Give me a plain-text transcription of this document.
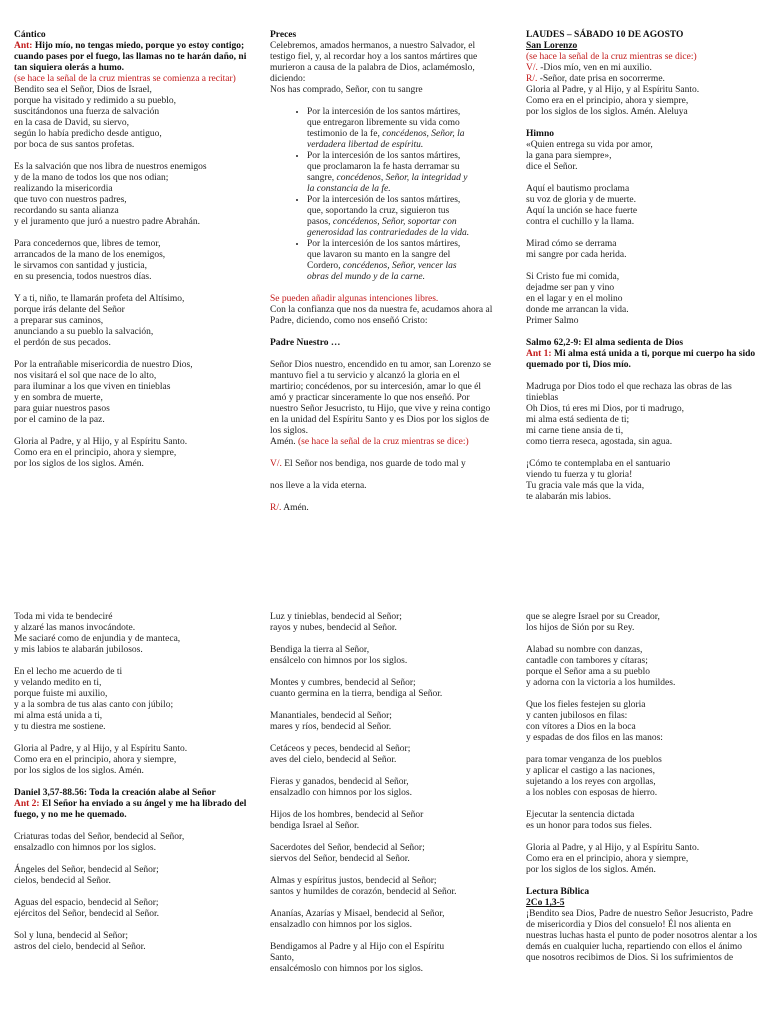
Cántico

Ant: Hijo mío, no tengas miedo, porque yo estoy contigo; cuando pases por el fuego, las llamas no te harán daño, ni tan siquiera olerás a humo.

(se hace la señal de la cruz mientras se comienza a recitar)

Bendito sea el Señor, Dios de Israel,
porque ha visitado y redimido a su pueblo,
suscitándonos una fuerza de salvación
en la casa de David, su siervo,
según lo había predicho desde antiguo,
por boca de sus santos profetas.

Es la salvación que nos libra de nuestros enemigos
y de la mano de todos los que nos odian;
realizando la misericordia
que tuvo con nuestros padres,
recordando su santa alianza
y el juramento que juró a nuestro padre Abrahán.

Para concedernos que, libres de temor,
arrancados de la mano de los enemigos,
le sirvamos con santidad y justicia,
en su presencia, todos nuestros días.

Y a ti, niño, te llamarán profeta del Altísimo,
porque irás delante del Señor
a preparar sus caminos,
anunciando a su pueblo la salvación,
el perdón de sus pecados.

Por la entrañable misericordia de nuestro Dios,
nos visitará el sol que nace de lo alto,
para iluminar a los que viven en tinieblas
y en sombra de muerte,
para guiar nuestros pasos
por el camino de la paz.

Gloria al Padre, y al Hijo, y al Espíritu Santo.
Como era en el principio, ahora y siempre,
por los siglos de los siglos. Amén.

Preces

Celebremos, amados hermanos, a nuestro Salvador, el testigo fiel, y, al recordar hoy a los santos mártires que murieron a causa de la palabra de Dios, aclamémoslo, diciendo:
Nos has comprado, Señor, con tu sangre

• Por la intercesión de los santos mártires,
que entregaron libremente su vida como
testimonio de la fe, concédenos, Señor, la
verdadera libertad de espíritu.
• Por la intercesión de los santos mártires,
que proclamaron la fe hasta derramar su
sangre, concédenos, Señor, la integridad y
la constancia de la fe.
• Por la intercesión de los santos mártires,
que, soportando la cruz, siguieron tus
pasos, concédenos, Señor, soportar con
generosidad las contrariedades de la vida.
• Por la intercesión de los santos mártires,
que lavaron su manto en la sangre del
Cordero, concédenos, Señor, vencer las
obras del mundo y de la carne.

Se pueden añadir algunas intenciones libres.

Con la confianza que nos da nuestra fe, acudamos ahora al Padre, diciendo, como nos enseñó Cristo:

Padre Nuestro …

Señor Dios nuestro, encendido en tu amor, san Lorenzo se mantuvo fiel a tu servicio y alcanzó la gloria en el martirio; concédenos, por su intercesión, amar lo que él amó y practicar sinceramente lo que nos enseñó. Por nuestro Señor Jesucristo, tu Hijo, que vive y reina contigo en la unidad del Espíritu Santo y es Dios por los siglos de los siglos.

Amén. (se hace la señal de la cruz mientras se dice:)

V/. El Señor nos bendiga, nos guarde de todo mal y

nos lleve a la vida eterna.

R/. Amén.

LAUDES – SÁBADO 10 DE AGOSTO

San Lorenzo

(se hace la señal de la cruz mientras se dice:)

V/. -Dios mío, ven en mi auxilio.

R/. -Señor, date prisa en socorrerme.

Gloria al Padre, y al Hijo, y al Espíritu Santo.
Como era en el principio, ahora y siempre,
por los siglos de los siglos. Amén. Aleluya

Himno

«Quien entrega su vida por amor,
la gana para siempre»,
dice el Señor.

Aquí el bautismo proclama
su voz de gloria y de muerte.
Aquí la unción se hace fuerte
contra el cuchillo y la llama.

Mirad cómo se derrama
mi sangre por cada herida.

Si Cristo fue mi comida,
dejadme ser pan y vino
en el lagar y en el molino
donde me arrancan la vida.
Primer Salmo

Salmo 62,2-9: El alma sedienta de Dios

Ant 1: Mi alma está unida a ti, porque mi cuerpo ha sido quemado por ti, Dios mío.

Madruga por Dios todo el que rechaza las obras de las tinieblas
Oh Dios, tú eres mi Dios, por ti madrugo,
mi alma está sedienta de ti;
mi carne tiene ansia de ti,
como tierra reseca, agostada, sin agua.

¡Cómo te contemplaba en el santuario
viendo tu fuerza y tu gloria!
Tu gracia vale más que la vida,
te alabarán mis labios.

Toda mi vida te bendeciré
y alzaré las manos invocándote.
Me saciaré como de enjundia y de manteca,
y mis labios te alabarán jubilosos.

En el lecho me acuerdo de ti
y velando medito en ti,
porque fuiste mi auxilio,
y a la sombra de tus alas canto con júbilo;
mi alma está unida a ti,
y tu diestra me sostiene.

Gloria al Padre, y al Hijo, y al Espíritu Santo.
Como era en el principio, ahora y siempre,
por los siglos de los siglos. Amén.

Daniel 3,57-88.56: Toda la creación alabe al Señor

Ant 2: El Señor ha enviado a su ángel y me ha librado del fuego, y no me he quemado.

Criaturas todas del Señor, bendecid al Señor,
ensalzadlo con himnos por los siglos.

Ángeles del Señor, bendecid al Señor;
cielos, bendecid al Señor.

Aguas del espacio, bendecid al Señor;
ejércitos del Señor, bendecid al Señor.

Sol y luna, bendecid al Señor;
astros del cielo, bendecid al Señor.

Luz y tinieblas, bendecid al Señor;
rayos y nubes, bendecid al Señor.

Bendiga la tierra al Señor,
ensálcelo con himnos por los siglos.

Montes y cumbres, bendecid al Señor;
cuanto germina en la tierra, bendiga al Señor.

Manantiales, bendecid al Señor;
mares y ríos, bendecid al Señor.

Cetáceos y peces, bendecid al Señor;
aves del cielo, bendecid al Señor.

Fieras y ganados, bendecid al Señor,
ensalzadlo con himnos por los siglos.

Hijos de los hombres, bendecid al Señor
bendiga Israel al Señor.

Sacerdotes del Señor, bendecid al Señor;
siervos del Señor, bendecid al Señor.

Almas y espíritus justos, bendecid al Señor;
santos y humildes de corazón, bendecid al Señor.

Ananías, Azarías y Misael, bendecid al Señor,
ensalzadlo con himnos por los siglos.

Bendigamos al Padre y al Hijo con el Espíritu
Santo,
ensalcémoslo con himnos por los siglos.

que se alegre Israel por su Creador,
los hijos de Sión por su Rey.

Alabad su nombre con danzas,
cantadle con tambores y cítaras;
porque el Señor ama a su pueblo
y adorna con la victoria a los humildes.

Que los fieles festejen su gloria
y canten jubilosos en filas:
con vítores a Dios en la boca
y espadas de dos filos en las manos:

para tomar venganza de los pueblos
y aplicar el castigo a las naciones,
sujetando a los reyes con argollas,
a los nobles con esposas de hierro.

Ejecutar la sentencia dictada
es un honor para todos sus fieles.

Gloria al Padre, y al Hijo, y al Espíritu Santo.
Como era en el principio, ahora y siempre,
por los siglos de los siglos. Amén.

Lectura Bíblica

2Co 1,3-5

¡Bendito sea Dios, Padre de nuestro Señor Jesucristo, Padre de misericordia y Dios del consuelo! Él nos alienta en nuestras luchas hasta el punto de poder nosotros alentar a los demás en cualquier lucha, repartiendo con ellos el ánimo que nosotros recibimos de Dios. Si los sufrimientos de
